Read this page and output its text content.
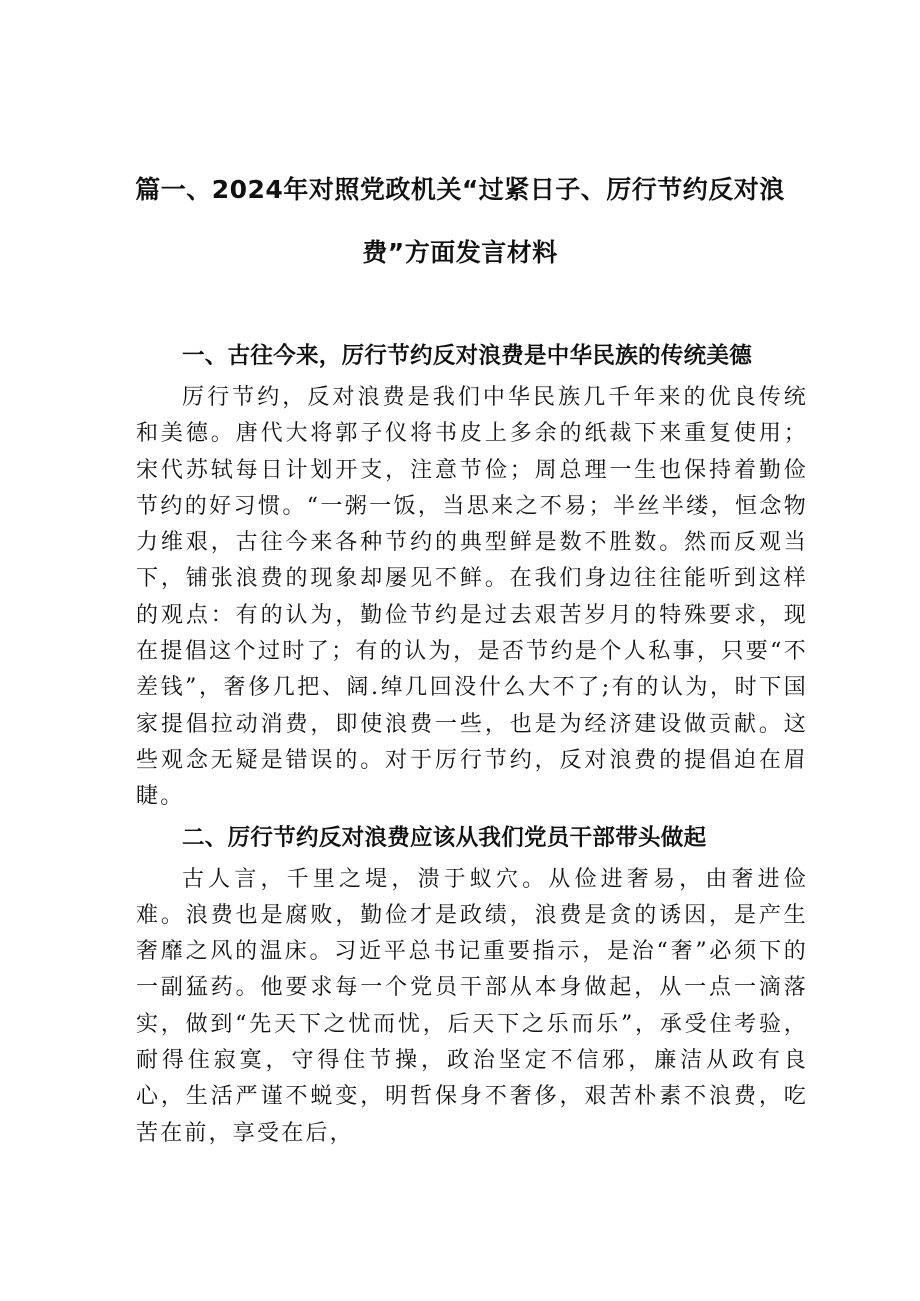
篇一、2024年对照党政机关“过紧日子、厉行节约反对浪
费”方面发言材料

一、古往今来，厉行节约反对浪费是中华民族的传统美德

厉行节约，反对浪费是我们中华民族几千年来的优良传统和美德。唐代大将郭子仪将书皮上多余的纸裁下来重复使用；宋代苏轼每日计划开支，注意节俭；周总理一生也保持着勤俭节约的好习惯。“一粥一饭，当思来之不易；半丝半缕，恒念物力维艰，古往今来各种节约的典型鲜是数不胜数。然而反观当下，铺张浪费的现象却屡见不鲜。在我们身边往往能听到这样的观点：有的认为，勤俭节约是过去艰苦岁月的特殊要求，现在提倡这个过时了；有的认为，是否节约是个人私事，只要“不差钱”，奢侈几把、阔.绰几回没什么大不了;有的认为，时下国家提倡拉动消费，即使浪费一些，也是为经济建设做贡献。这些观念无疑是错误的。对于厉行节约，反对浪费的提倡迫在眉睫。

二、厉行节约反对浪费应该从我们党员干部带头做起

古人言，千里之堤，溃于蚁穴。从俭进奢易，由奢进俭难。浪费也是腐败，勤俭才是政绩，浪费是贪的诱因，是产生奢靡之风的温床。习近平总书记重要指示，是治“奢”必须下的一副猛药。他要求每一个党员干部从本身做起，从一点一滴落实，做到“先天下之忧而忧，后天下之乐而乐”，承受住考验，耐得住寂寞，守得住节操，政治坚定不信邪，廉洁从政有良心，生活严谨不蜕变，明哲保身不奢侈，艰苦朴素不浪费，吃苦在前，享受在后，
